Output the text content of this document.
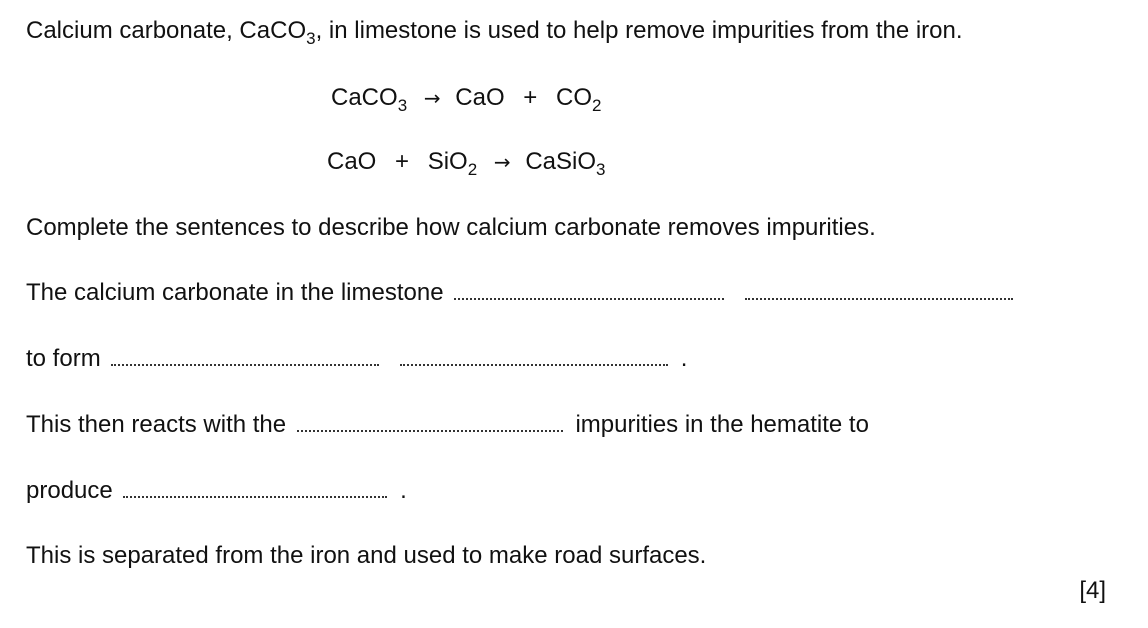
Calcium carbonate, CaCO$_3$, in limestone is used to help remove impurities from the iron.
CaCO$_3$ → CaO + $CO_2$
CaO + SiO$_2$ → CaSiO$_3$
Complete the sentences to describe how calcium carbonate removes impurities.
The calcium carbonate in the limestone
to form	.
This then reacts with the	impurities in the hematite to
produce	.
This is separated from the iron and used to make road surfaces.
[4]
